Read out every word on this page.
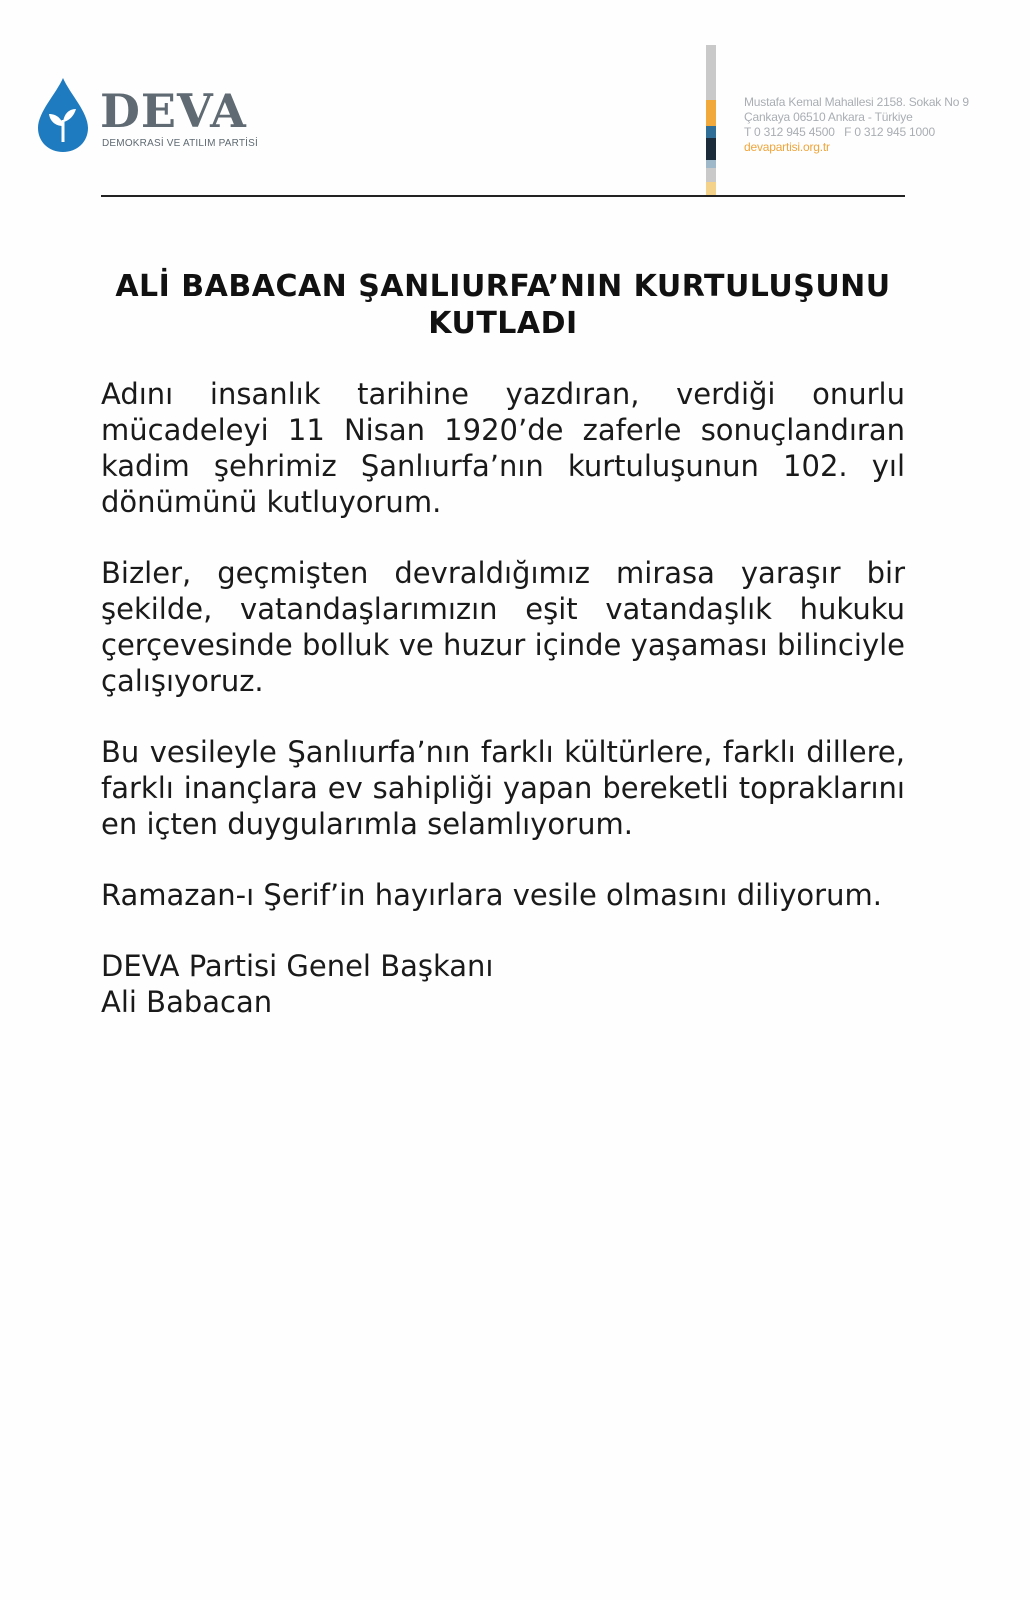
DEVA
DEMOKRASİ VE ATILIM PARTİSİ
Mustafa Kemal Mahallesi 2158. Sokak No 9
Çankaya 06510 Ankara - Türkiye
T 0 312 945 4500   F 0 312 945 1000
devapartisi.org.tr
ALİ BABACAN ŞANLIURFA’NIN KURTULUŞUNU KUTLADI

Adını insanlık tarihine yazdıran, verdiği onurlu mücadeleyi 11 Nisan 1920’de zaferle sonuçlandıran kadim şehrimiz Şanlıurfa’nın kurtuluşunun 102. yıl dönümünü kutluyorum.

Bizler, geçmişten devraldığımız mirasa yaraşır bir şekilde, vatandaşlarımızın eşit vatandaşlık hukuku çerçevesinde bolluk ve huzur içinde yaşaması bilinciyle çalışıyoruz.

Bu vesileyle Şanlıurfa’nın farklı kültürlere, farklı dillere, farklı inançlara ev sahipliği yapan bereketli topraklarını en içten duygularımla selamlıyorum.

Ramazan-ı Şerif’in hayırlara vesile olmasını diliyorum.

DEVA Partisi Genel Başkanı
Ali Babacan
